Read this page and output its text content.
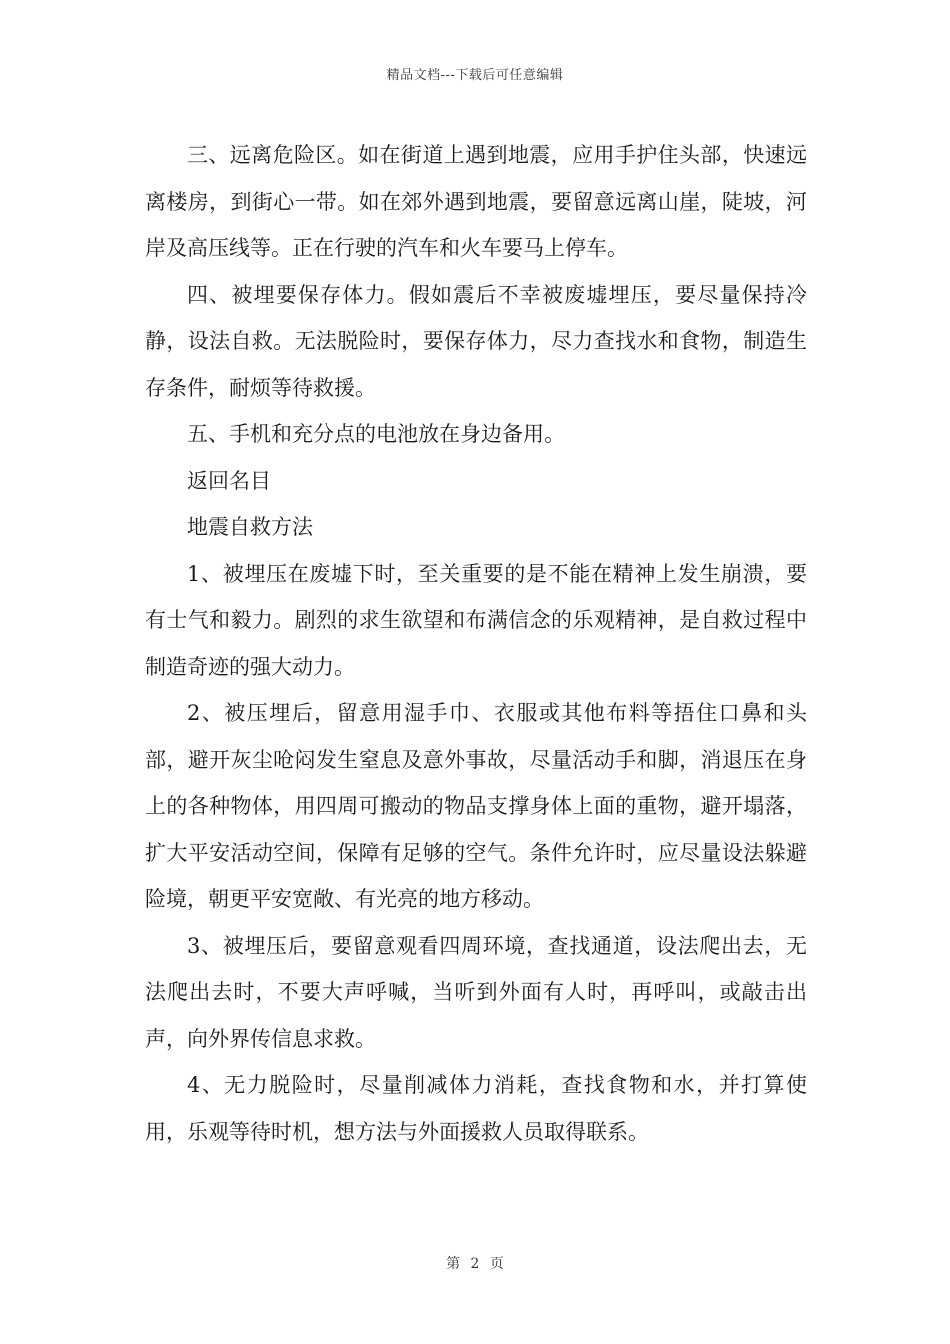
精品文档---下载后可任意编辑

三、远离危险区。如在街道上遇到地震，应用手护住头部，快速远离楼房，到街心一带。如在郊外遇到地震，要留意远离山崖，陡坡，河岸及高压线等。正在行驶的汽车和火车要马上停车。

四、被埋要保存体力。假如震后不幸被废墟埋压，要尽量保持冷静，设法自救。无法脱险时，要保存体力，尽力查找水和食物，制造生存条件，耐烦等待救援。

五、手机和充分点的电池放在身边备用。

返回名目

地震自救方法

1、被埋压在废墟下时，至关重要的是不能在精神上发生崩溃，要有士气和毅力。剧烈的求生欲望和布满信念的乐观精神，是自救过程中制造奇迹的强大动力。

2、被压埋后，留意用湿手巾、衣服或其他布料等捂住口鼻和头部，避开灰尘呛闷发生窒息及意外事故，尽量活动手和脚，消退压在身上的各种物体，用四周可搬动的物品支撑身体上面的重物，避开塌落，扩大平安活动空间，保障有足够的空气。条件允许时，应尽量设法躲避险境，朝更平安宽敞、有光亮的地方移动。

3、被埋压后，要留意观看四周环境，查找通道，设法爬出去，无法爬出去时，不要大声呼喊，当听到外面有人时，再呼叫，或敲击出声，向外界传信息求救。

4、无力脱险时，尽量削减体力消耗，查找食物和水，并打算使用，乐观等待时机，想方法与外面援救人员取得联系。

第 2 页
